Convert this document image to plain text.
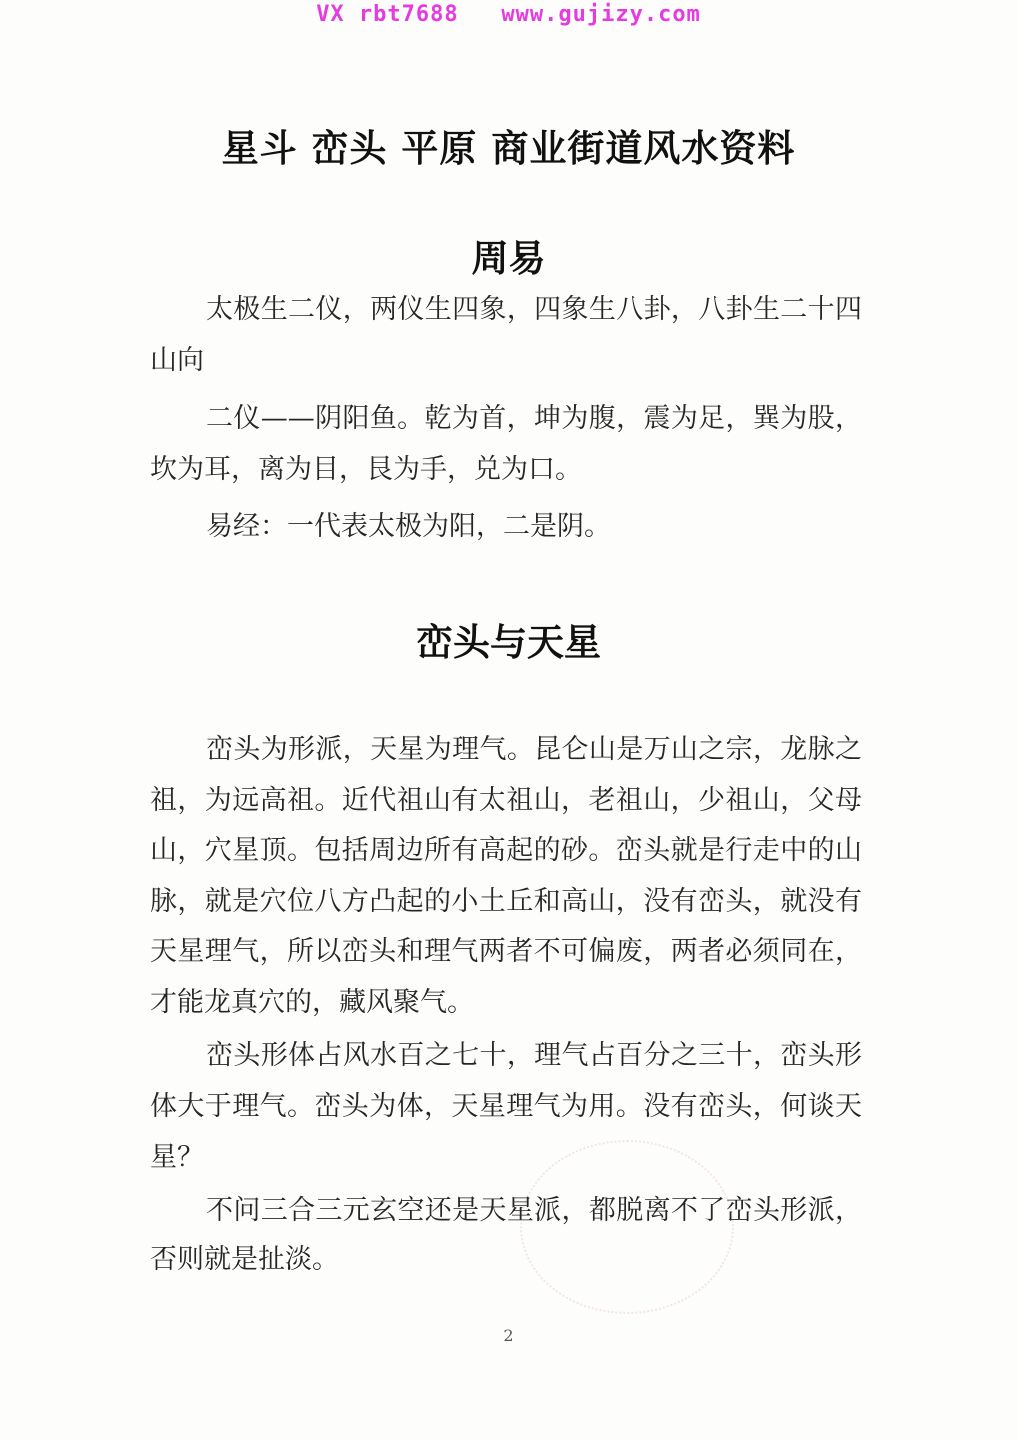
VX rbt7688   www.gujizy.com
星斗 峦头 平原 商业街道风水资料
周易

太极生二仪，两仪生四象，四象生八卦，八卦生二十四山向

二仪——阴阳鱼。乾为首，坤为腹，震为足，巽为股，坎为耳，离为目，艮为手，兑为口。

易经：一代表太极为阳，二是阴。

峦头与天星

峦头为形派，天星为理气。昆仑山是万山之宗，龙脉之祖，为远高祖。近代祖山有太祖山，老祖山，少祖山，父母山，穴星顶。包括周边所有高起的砂。峦头就是行走中的山脉，就是穴位八方凸起的小土丘和高山，没有峦头，就没有天星理气，所以峦头和理气两者不可偏废，两者必须同在，才能龙真穴的，藏风聚气。

峦头形体占风水百之七十，理气占百分之三十，峦头形体大于理气。峦头为体，天星理气为用。没有峦头，何谈天星？

不问三合三元玄空还是天星派，都脱离不了峦头形派，否则就是扯淡。

2
